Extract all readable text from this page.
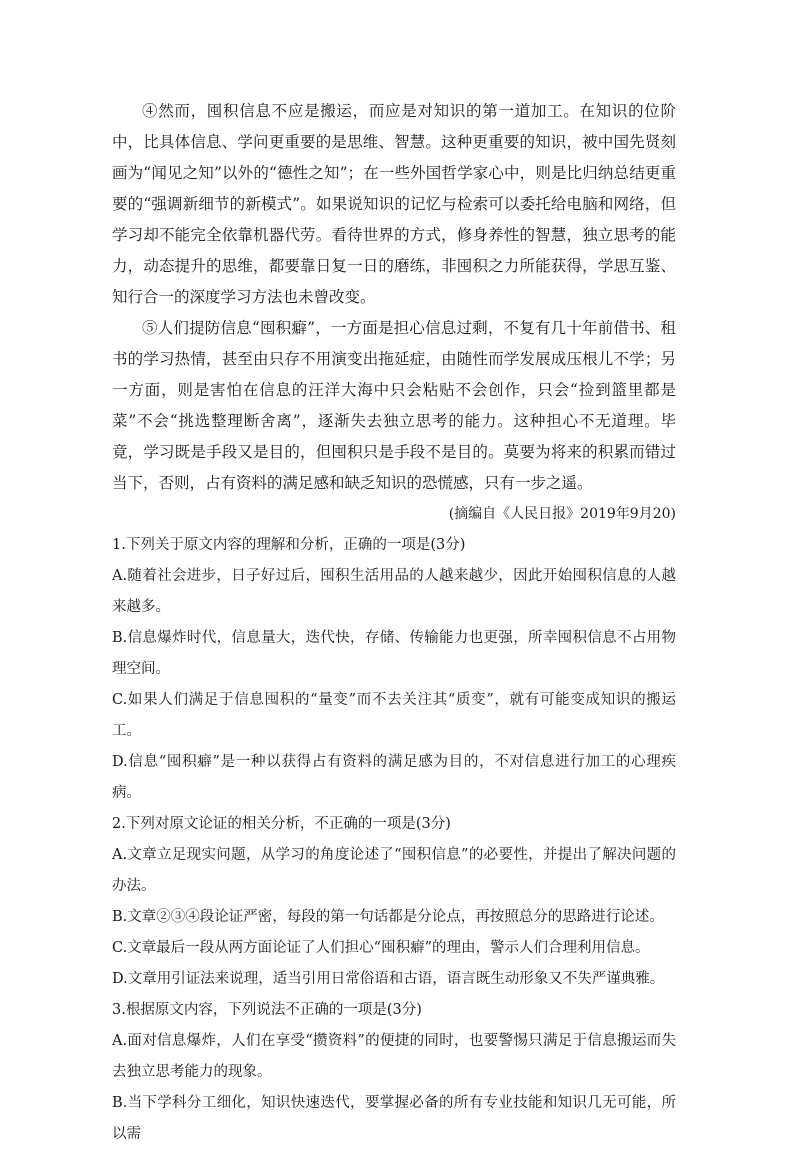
④然而，囤积信息不应是搬运，而应是对知识的第一道加工。在知识的位阶中，比具体信息、学问更重要的是思维、智慧。这种更重要的知识，被中国先贤刻画为“闻见之知”以外的“德性之知”；在一些外国哲学家心中，则是比归纳总结更重要的“强调新细节的新模式”。如果说知识的记忆与检索可以委托给电脑和网络，但学习却不能完全依靠机器代劳。看待世界的方式，修身养性的智慧，独立思考的能力，动态提升的思维，都要靠日复一日的磨练，非囤积之力所能获得，学思互鉴、知行合一的深度学习方法也未曾改变。

⑤人们提防信息“囤积癖”，一方面是担心信息过剩，不复有几十年前借书、租书的学习热情，甚至由只存不用演变出拖延症，由随性而学发展成压根儿不学；另一方面，则是害怕在信息的汪洋大海中只会粘贴不会创作，只会“捡到篮里都是菜”不会“挑选整理断舍离”，逐渐失去独立思考的能力。这种担心不无道理。毕竟，学习既是手段又是目的，但囤积只是手段不是目的。莫要为将来的积累而错过当下，否则，占有资料的满足感和缺乏知识的恐慌感，只有一步之遥。

(摘编自《人民日报》2019年9月20)

1.下列关于原文内容的理解和分析，正确的一项是(3分)

A.随着社会进步，日子好过后，囤积生活用品的人越来越少，因此开始囤积信息的人越来越多。

B.信息爆炸时代，信息量大，迭代快，存储、传输能力也更强，所幸囤积信息不占用物理空间。

C.如果人们满足于信息囤积的“量变”而不去关注其“质变”，就有可能变成知识的搬运工。

D.信息“囤积癖”是一种以获得占有资料的满足感为目的，不对信息进行加工的心理疾病。

2.下列对原文论证的相关分析，不正确的一项是(3分)

A.文章立足现实问题，从学习的角度论述了“囤积信息”的必要性，并提出了解决问题的办法。

B.文章②③④段论证严密，每段的第一句话都是分论点，再按照总分的思路进行论述。

C.文章最后一段从两方面论证了人们担心“囤积癖”的理由，警示人们合理利用信息。

D.文章用引证法来说理，适当引用日常俗语和古语，语言既生动形象又不失严谨典雅。

3.根据原文内容，下列说法不正确的一项是(3分)

A.面对信息爆炸，人们在享受“攒资料”的便捷的同时，也要警惕只满足于信息搬运而失去独立思考能力的现象。

B.当下学科分工细化，知识快速迭代，要掌握必备的所有专业技能和知识几无可能，所以需
